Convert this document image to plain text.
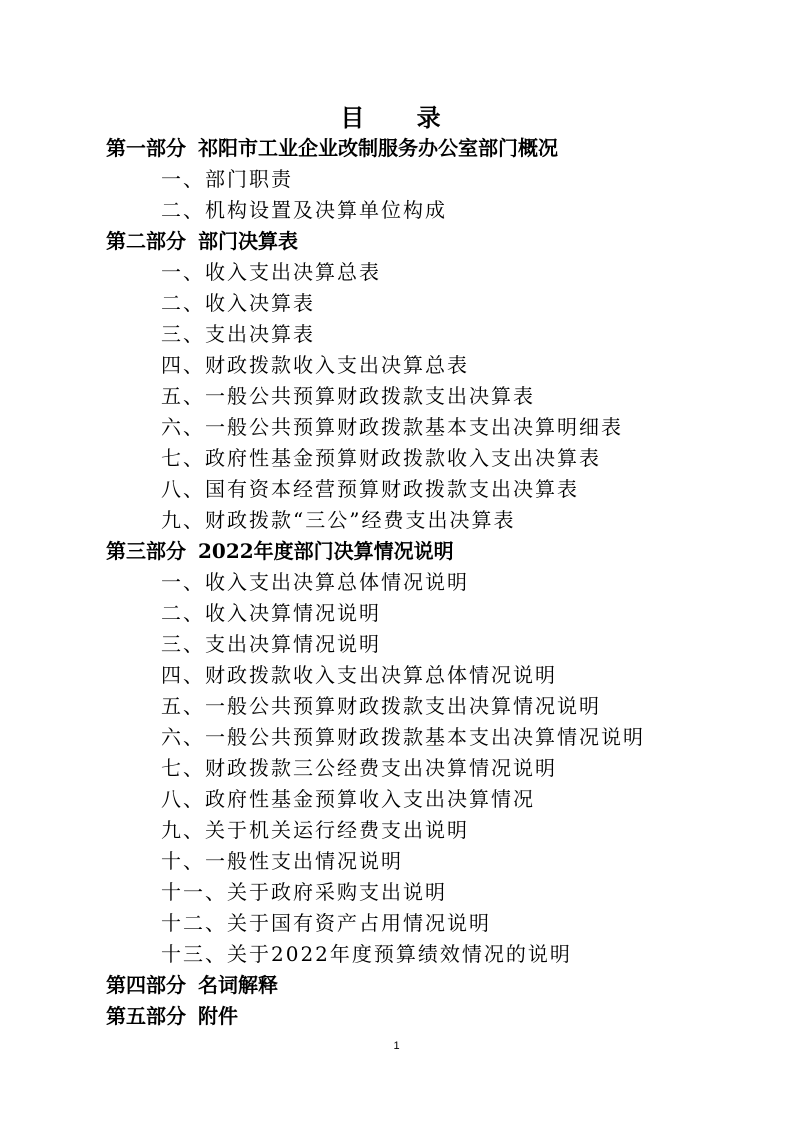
目 录
第一部分 祁阳市工业企业改制服务办公室部门概况
一、部门职责
二、机构设置及决算单位构成
第二部分 部门决算表
一、收入支出决算总表
二、收入决算表
三、支出决算表
四、财政拨款收入支出决算总表
五、一般公共预算财政拨款支出决算表
六、一般公共预算财政拨款基本支出决算明细表
七、政府性基金预算财政拨款收入支出决算表
八、国有资本经营预算财政拨款支出决算表
九、财政拨款“三公”经费支出决算表
第三部分 2022年度部门决算情况说明
一、收入支出决算总体情况说明
二、收入决算情况说明
三、支出决算情况说明
四、财政拨款收入支出决算总体情况说明
五、一般公共预算财政拨款支出决算情况说明
六、一般公共预算财政拨款基本支出决算情况说明
七、财政拨款三公经费支出决算情况说明
八、政府性基金预算收入支出决算情况
九、关于机关运行经费支出说明
十、一般性支出情况说明
十一、关于政府采购支出说明
十二、关于国有资产占用情况说明
十三、关于2022年度预算绩效情况的说明
第四部分 名词解释
第五部分 附件
1
